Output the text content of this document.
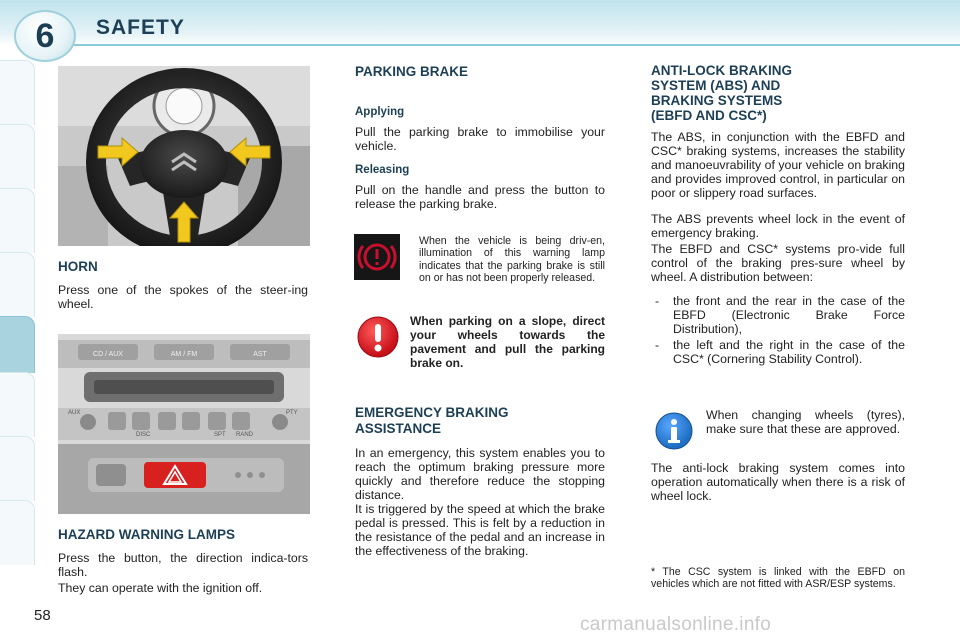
6	SAFETY
HORN
Press one of the spokes of the steer-ing wheel.
CD / AUX	AM / FM	AST
DISC	SPT RAND
PTY
AUX
HAZARD WARNING LAMPS
Press the button, the direction indica-tors flash.
They can operate with the ignition off.
PARKING BRAKE
Applying
Pull the parking brake to immobilise your vehicle.
Releasing
Pull on the handle and press the button to release the parking brake.
When the vehicle is being driv-en, illumination of this warning lamp indicates that the parking brake is still on or has not been properly released.
When parking on a slope, direct your wheels towards the pavement and pull the parking brake on.
EMERGENCY BRAKING ASSISTANCE
In an emergency, this system enables you to reach the optimum braking pressure more quickly and therefore reduce the stopping distance.
It is triggered by the speed at which the brake pedal is pressed. This is felt by a reduction in the resistance of the pedal and an increase in the effectiveness of the braking.
ANTI-LOCK BRAKING
SYSTEM (ABS) AND
BRAKING SYSTEMS
(EBFD AND CSC*)
The ABS, in conjunction with the EBFD and CSC* braking systems, increases the stability and manoeuvrability of your vehicle on braking and provides improved control, in particular on poor or slippery road surfaces.
The ABS prevents wheel lock in the event of emergency braking.
The EBFD and CSC* systems pro-vide full control of the braking pres-sure wheel by wheel. A distribution between:
- the front and the rear in the case of the EBFD (Electronic Brake Force Distribution),
- the left and the right in the case of the CSC* (Cornering Stability Control).
When changing wheels (tyres), make sure that these are approved.
The anti-lock braking system comes into operation automatically when there is a risk of wheel lock.
* The CSC system is linked with the EBFD on vehicles which are not fitted with ASR/ESP systems.
58	carmanualsonline.info
